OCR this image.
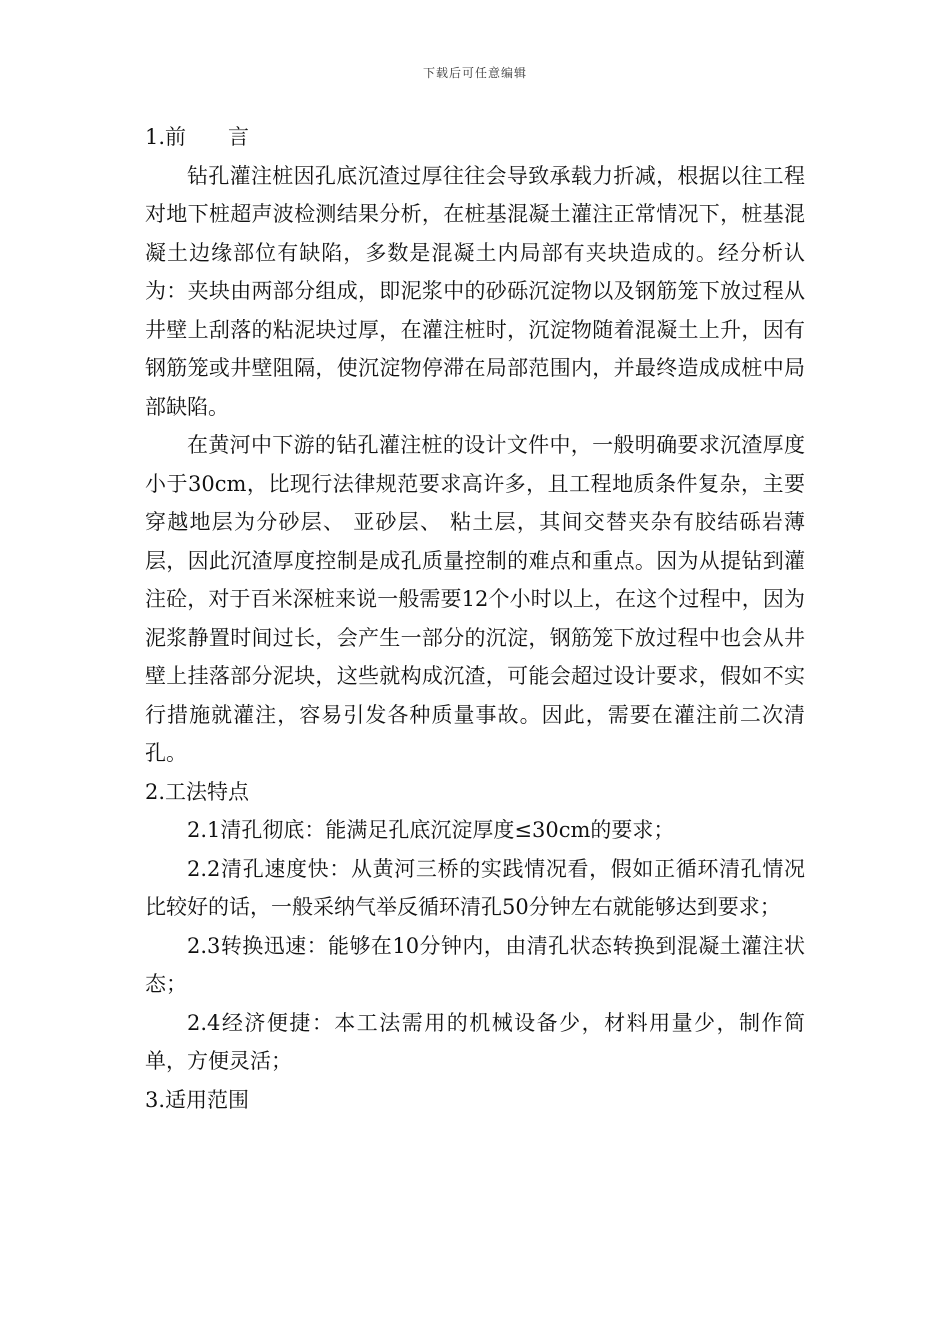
下载后可任意编辑

1.前　　言

钻孔灌注桩因孔底沉渣过厚往往会导致承载力折减，根据以往工程对地下桩超声波检测结果分析，在桩基混凝土灌注正常情况下，桩基混凝土边缘部位有缺陷，多数是混凝土内局部有夹块造成的。经分析认为：夹块由两部分组成，即泥浆中的砂砾沉淀物以及钢筋笼下放过程从井壁上刮落的粘泥块过厚，在灌注桩时，沉淀物随着混凝土上升，因有钢筋笼或井壁阻隔，使沉淀物停滞在局部范围内，并最终造成成桩中局部缺陷。

在黄河中下游的钻孔灌注桩的设计文件中，一般明确要求沉渣厚度小于30cm，比现行法律规范要求高许多，且工程地质条件复杂，主要穿越地层为分砂层、 亚砂层、 粘土层，其间交替夹杂有胶结砾岩薄层，因此沉渣厚度控制是成孔质量控制的难点和重点。因为从提钻到灌注砼，对于百米深桩来说一般需要12个小时以上，在这个过程中，因为泥浆静置时间过长，会产生一部分的沉淀，钢筋笼下放过程中也会从井壁上挂落部分泥块，这些就构成沉渣，可能会超过设计要求，假如不实行措施就灌注，容易引发各种质量事故。因此，需要在灌注前二次清孔。

2.工法特点

2.1清孔彻底：能满足孔底沉淀厚度≤30cm的要求；

2.2清孔速度快：从黄河三桥的实践情况看，假如正循环清孔情况比较好的话，一般采纳气举反循环清孔50分钟左右就能够达到要求；

2.3转换迅速：能够在10分钟内，由清孔状态转换到混凝土灌注状态；

2.4经济便捷：本工法需用的机械设备少，材料用量少，制作简单，方便灵活；

3.适用范围
